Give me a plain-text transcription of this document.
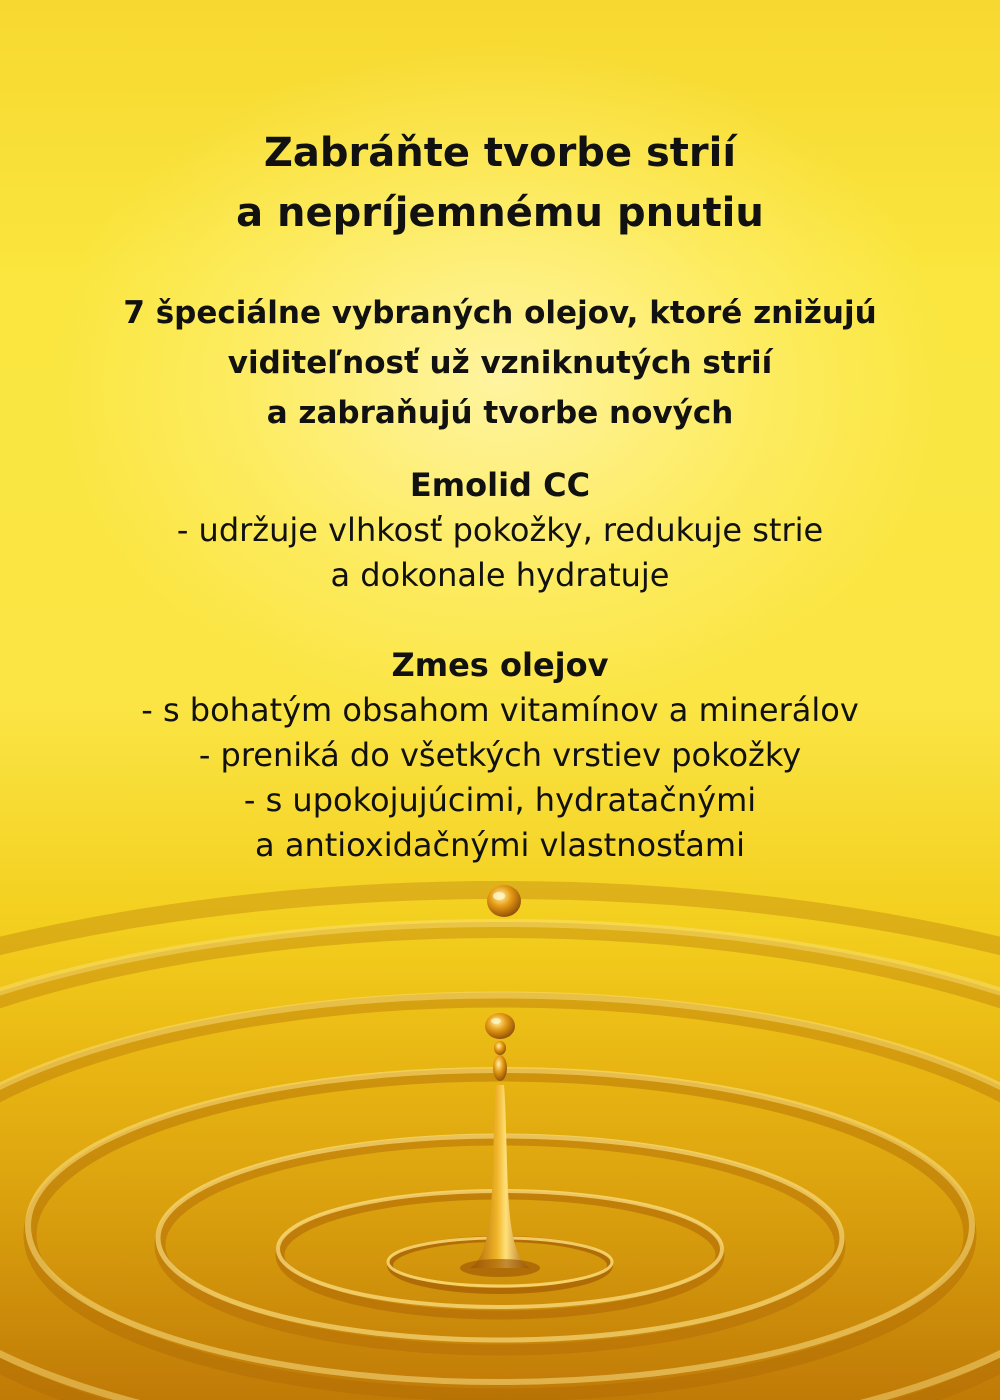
Zabráňte tvorbe strií
a nepríjemnému pnutiu
7 špeciálne vybraných olejov, ktoré znižujú
viditeľnosť už vzniknutých strií
a zabraňujú tvorbe nových
Emolid CC
- udržuje vlhkosť pokožky, redukuje strie
a dokonale hydratuje
Zmes olejov
- s bohatým obsahom vitamínov a minerálov
- preniká do všetkých vrstiev pokožky
- s upokojujúcimi, hydratačnými
a antioxidačnými vlastnosťami
